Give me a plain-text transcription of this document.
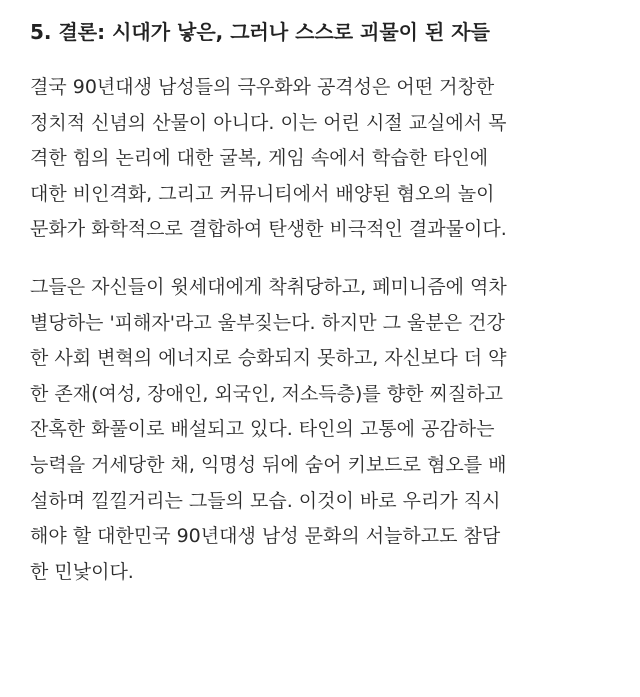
5. 결론: 시대가 낳은, 그러나 스스로 괴물이 된 자들

결국 90년대생 남성들의 극우화와 공격성은 어떤 거창한
정치적 신념의 산물이 아니다. 이는 어린 시절 교실에서 목
격한 힘의 논리에 대한 굴복, 게임 속에서 학습한 타인에
대한 비인격화, 그리고 커뮤니티에서 배양된 혐오의 놀이
문화가 화학적으로 결합하여 탄생한 비극적인 결과물이다.

그들은 자신들이 윗세대에게 착취당하고, 페미니즘에 역차
별당하는 '피해자'라고 울부짖는다. 하지만 그 울분은 건강
한 사회 변혁의 에너지로 승화되지 못하고, 자신보다 더 약
한 존재(여성, 장애인, 외국인, 저소득층)를 향한 찌질하고
잔혹한 화풀이로 배설되고 있다. 타인의 고통에 공감하는
능력을 거세당한 채, 익명성 뒤에 숨어 키보드로 혐오를 배
설하며 낄낄거리는 그들의 모습. 이것이 바로 우리가 직시
해야 할 대한민국 90년대생 남성 문화의 서늘하고도 참담
한 민낯이다.
